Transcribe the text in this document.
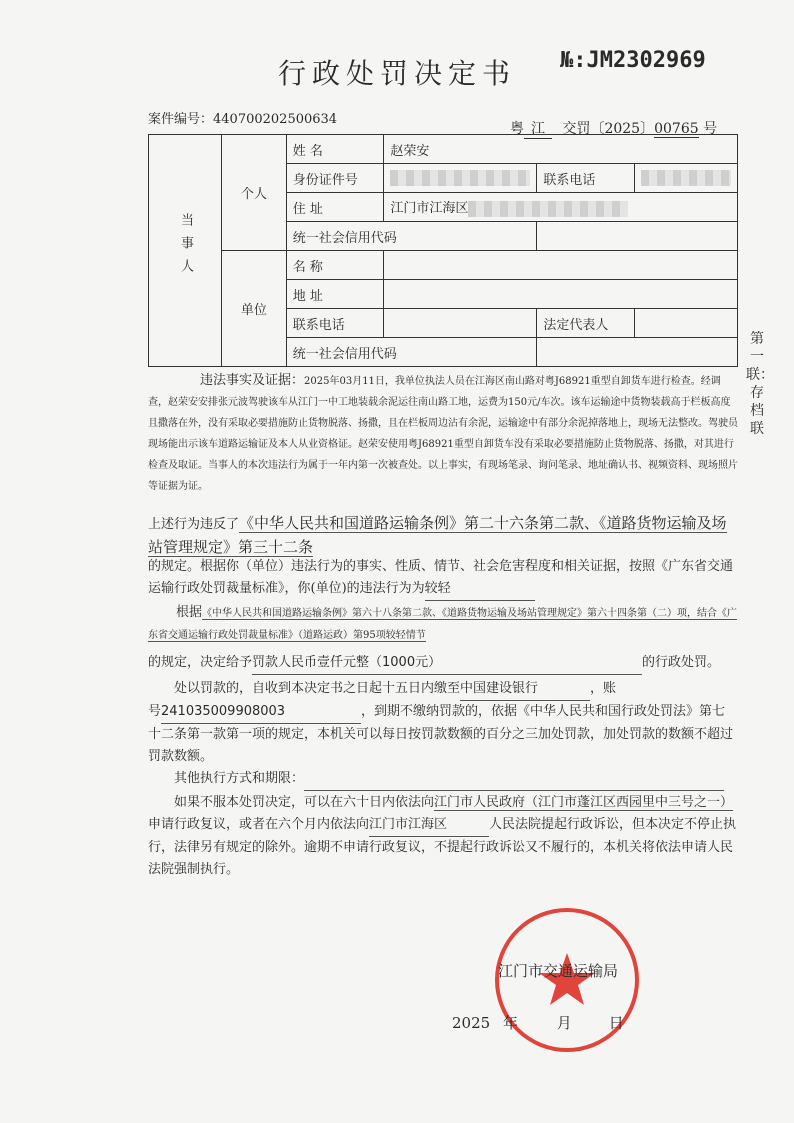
行政处罚决定书	№:JM2302969
案件编号：440700202500634
粤 江 交罚〔2025〕00765 号
当事人	个人	姓 名	赵荣安		
		身份证件号		联系电话	
		住 址	江门市江海区		
		统一社会信用代码			
	单位	名 称			
		地 址			
		联系电话		法定代表人	
		统一社会信用代码			
第一联：存档联
违法事实及证据：2025年03月11日，我单位执法人员在江海区南山路对粤J68921重型自卸货车进行检查。经调查，赵荣安安排张元波驾驶该车从江门一中工地装载余泥运往南山路工地，运费为150元/车次。该车运输途中货物装载高于栏板高度且撒落在外，没有采取必要措施防止货物脱落、扬撒，且在栏板周边沾有余泥，运输途中有部分余泥掉落地上，现场无法整改。驾驶员现场能出示该车道路运输证及本人从业资格证。赵荣安使用粤J68921重型自卸货车没有采取必要措施防止货物脱落、扬撒，对其进行检查及取证。当事人的本次违法行为属于一年内第一次被查处。以上事实，有现场笔录、询问笔录、地址确认书、视频资料、现场照片等证据为证。
上述行为违反了《中华人民共和国道路运输条例》第二十六条第二款、《道路货物运输及场站管理规定》第三十二条
的规定。根据你（单位）违法行为的事实、性质、情节、社会危害程度和相关证据，按照《广东省交通运输行政处罚裁量标准》，你(单位)的违法行为为较轻
根据《中华人民共和国道路运输条例》第六十八条第二款、《道路货物运输及场站管理规定》第六十四条第（二）项，结合《广东省交通运输行政处罚裁量标准》（道路运政）第95项较轻情节
的规定，决定给予罚款人民币壹仟元整（1000元）	的行政处罚。
处以罚款的，自收到本决定书之日起十五日内缴至中国建设银行	，账
号241035009908003	，到期不缴纳罚款的，依据《中华人民共和国行政处罚法》第七十二条第一款第一项的规定，本机关可以每日按罚款数额的百分之三加处罚款，加处罚款的数额不超过罚款数额。
其他执行方式和期限：
如果不服本处罚决定，可以在六十日内依法向江门市人民政府（江门市蓬江区西园里中三号之一）申请行政复议，或者在六个月内依法向江门市江海区	人民法院提起行政诉讼，但本决定不停止执行，法律另有规定的除外。逾期不申请行政复议，不提起行政诉讼又不履行的，本机关将依法申请人民法院强制执行。
江门市交通运输局
2025 年	月 日
